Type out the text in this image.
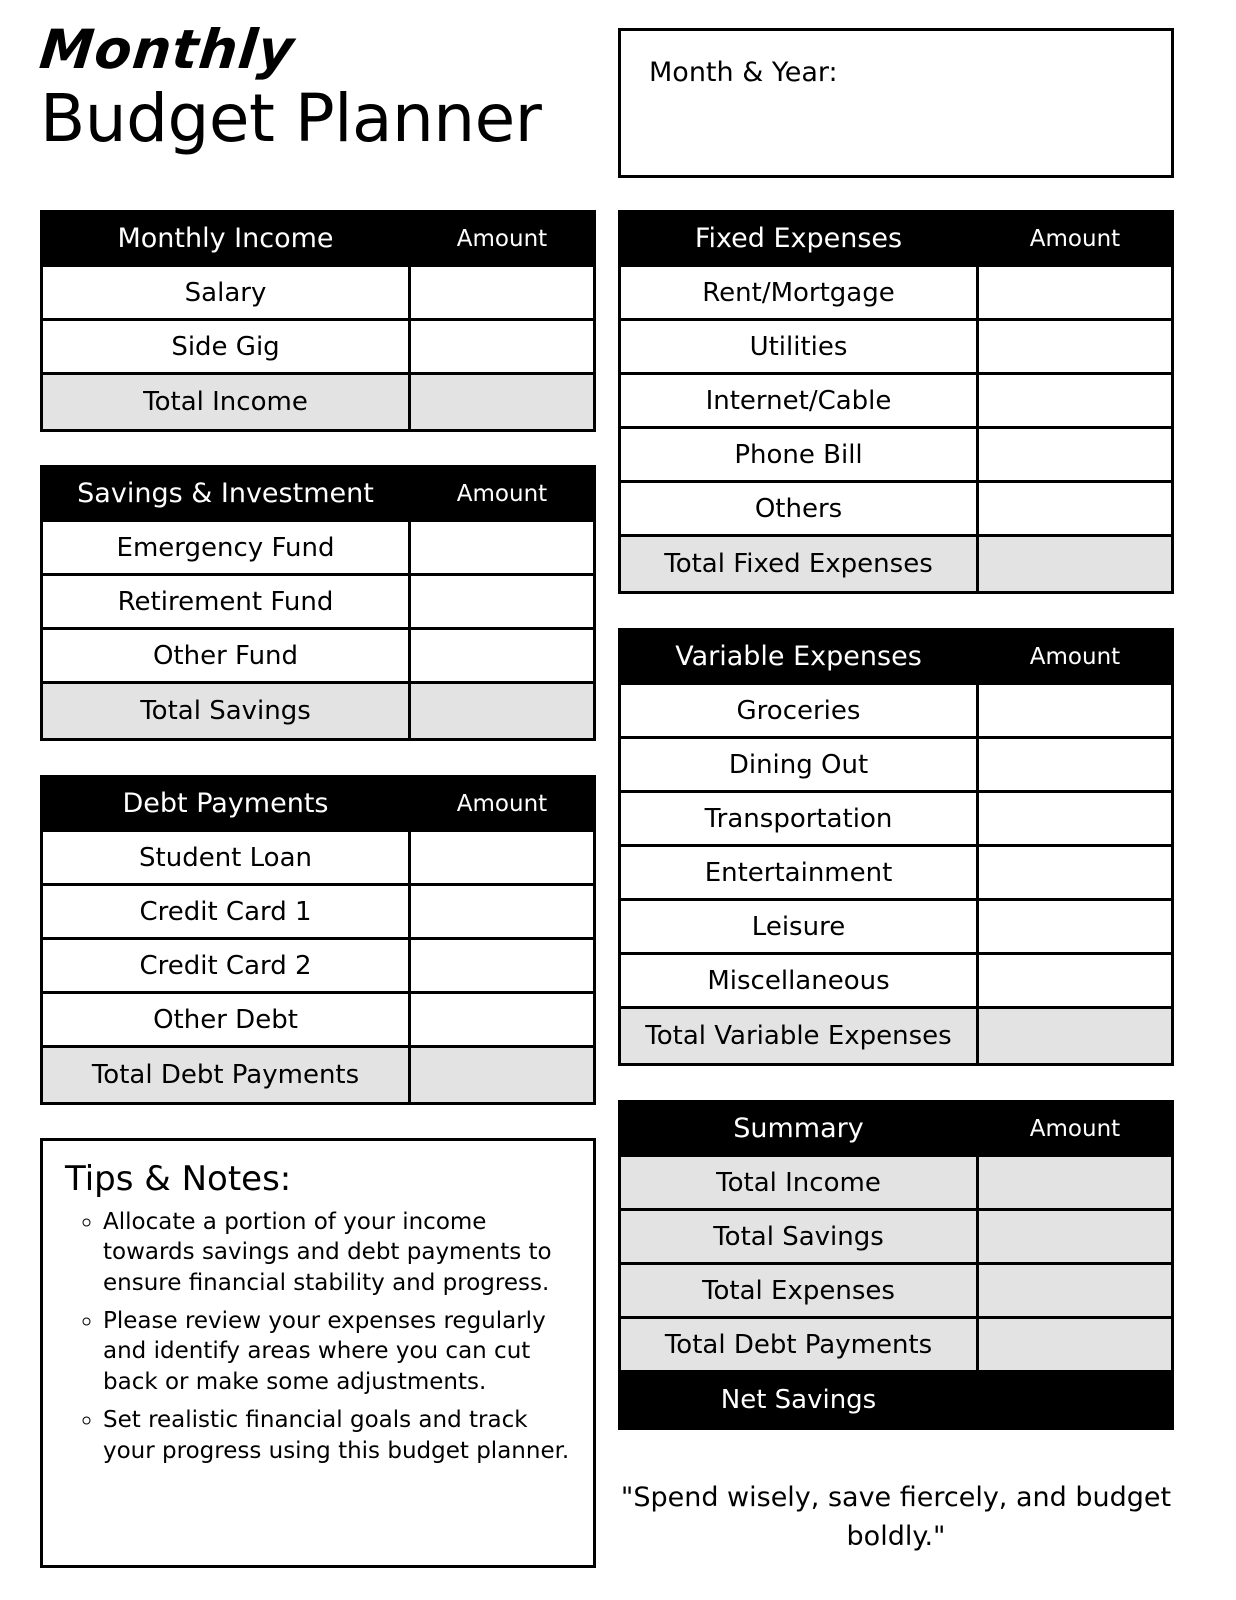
Monthly
Budget Planner
Month & Year:
Monthly Income	Amount
Salary
Side Gig
Total Income
Savings & Investment	Amount
Emergency Fund
Retirement Fund
Other Fund
Total Savings
Debt Payments	Amount
Student Loan
Credit Card 1
Credit Card 2
Other Debt
Total Debt Payments
Fixed Expenses	Amount
Rent/Mortgage
Utilities
Internet/Cable
Phone Bill
Others
Total Fixed Expenses
Variable Expenses	Amount
Groceries
Dining Out
Transportation
Entertainment
Leisure
Miscellaneous
Total Variable Expenses
Summary	Amount
Total Income
Total Savings
Total Expenses
Total Debt Payments
Net Savings
Tips & Notes:
◦ Allocate a portion of your income towards savings and debt payments to ensure financial stability and progress.
◦ Please review your expenses regularly and identify areas where you can cut back or make some adjustments.
◦ Set realistic financial goals and track your progress using this budget planner.
"Spend wisely, save fiercely, and budget boldly."
